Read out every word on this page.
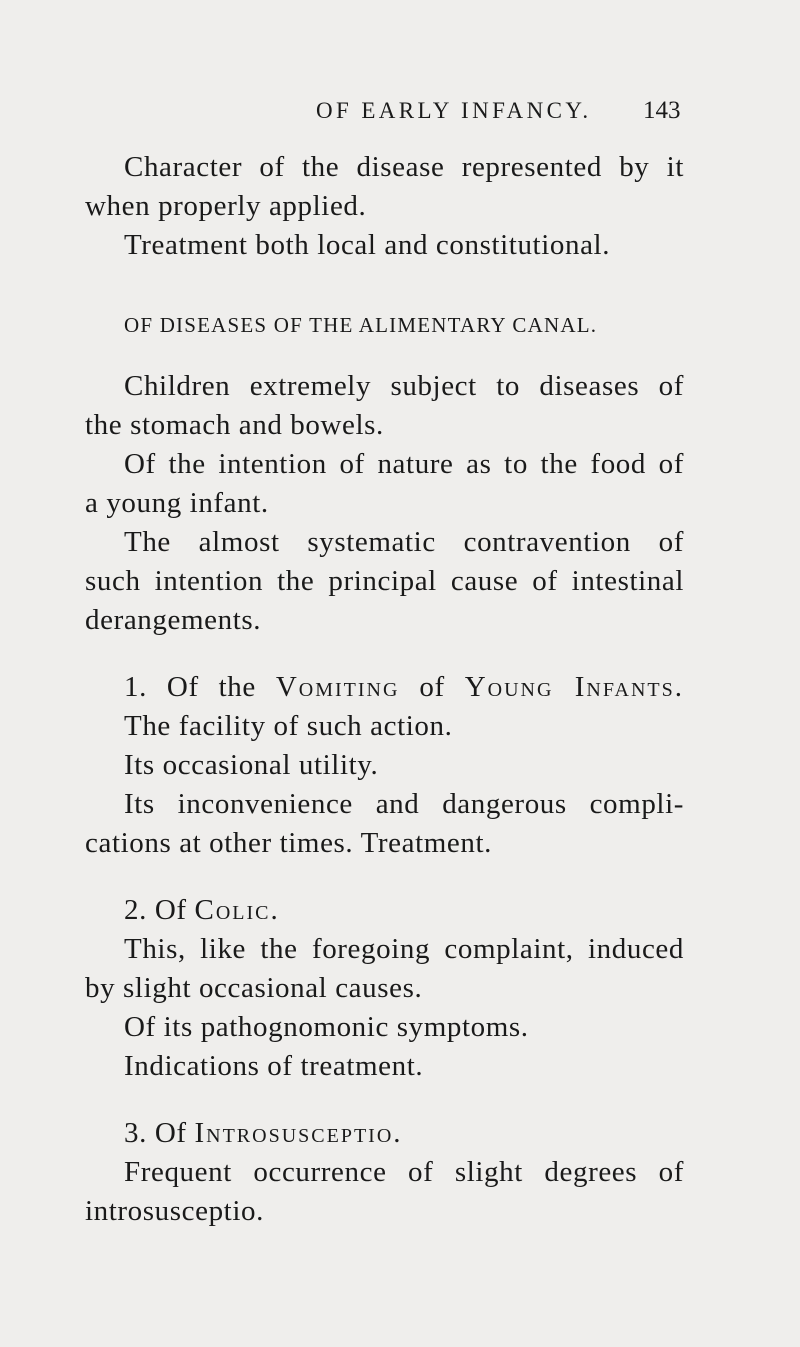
OF EARLY INFANCY. 143
Character of the disease represented by it
when properly applied.
Treatment both local and constitutional.
OF DISEASES OF THE ALIMENTARY CANAL.
Children extremely subject to diseases of
the stomach and bowels.
Of the intention of nature as to the food of
a young infant.
The almost systematic contravention of
such intention the principal cause of intestinal
derangements.
1. Of the Vomiting of Young Infants.
The facility of such action.
Its occasional utility.
Its inconvenience and dangerous compli-
cations at other times. Treatment.
2. Of Colic.
This, like the foregoing complaint, induced
by slight occasional causes.
Of its pathognomonic symptoms.
Indications of treatment.
3. Of Introsusceptio.
Frequent occurrence of slight degrees of
introsusceptio.
